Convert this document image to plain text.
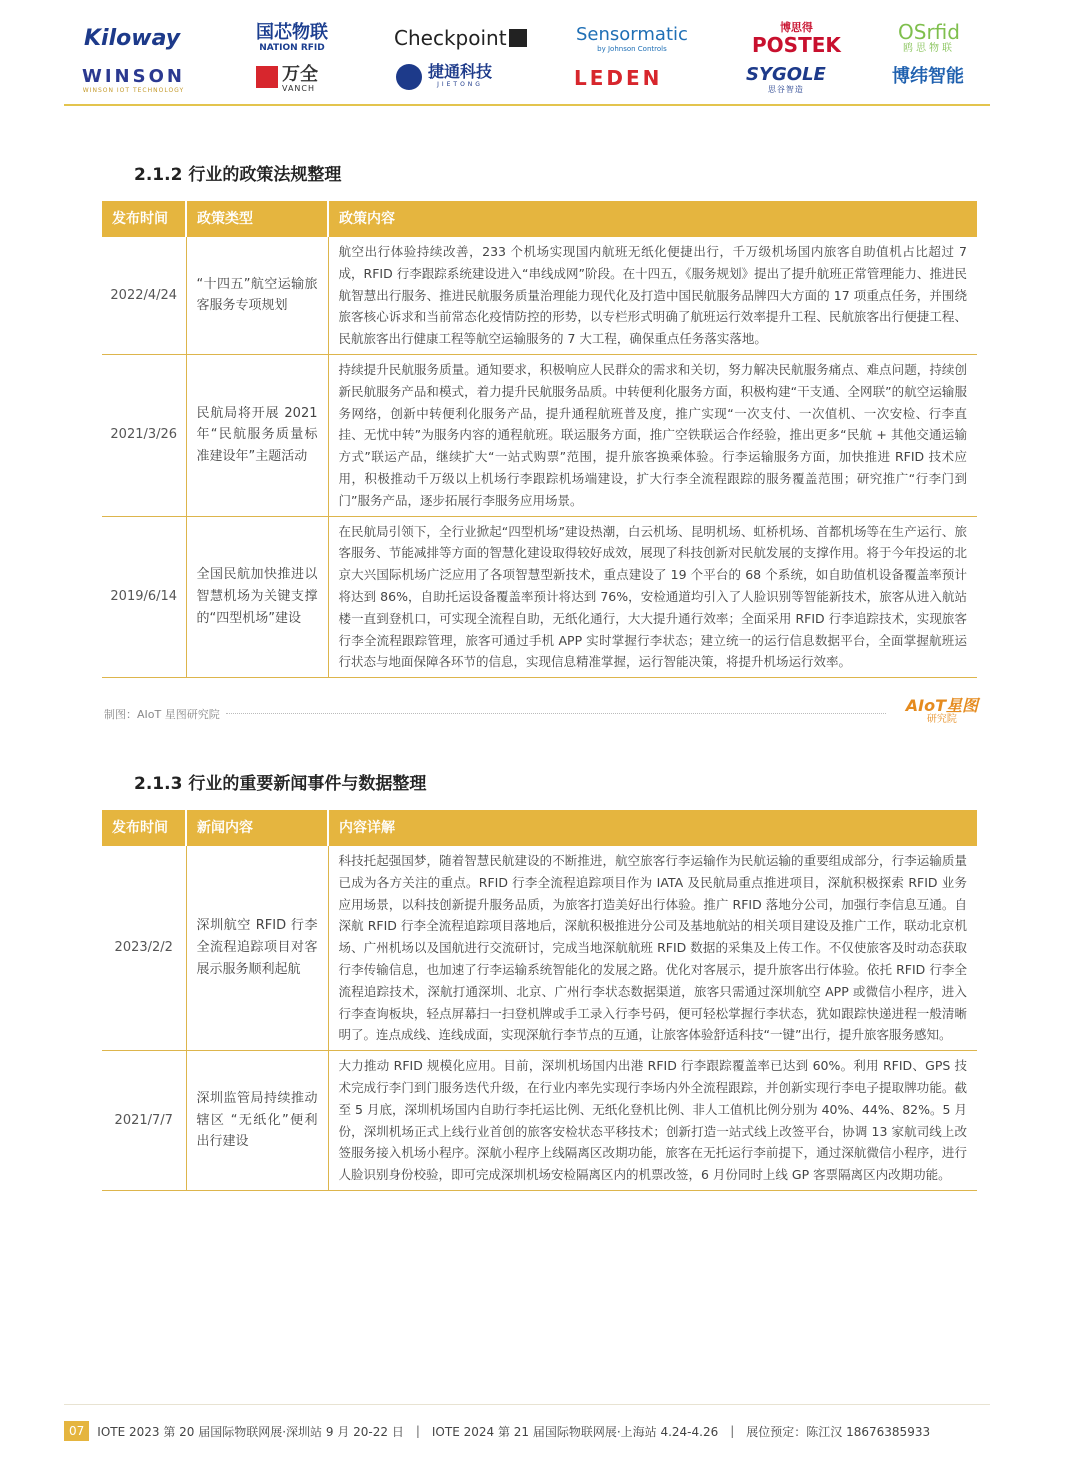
Kiloway	国芯物联
NATION RFID	Checkpoint	Sensormatic
by Johnson Controls
博思得
POSTEK
OSrfid
鸥思物联
WINSON
WINSON IOT TECHNOLOGY
万全
VANCH
捷通科技
JIETONG	LEDEN	SYGOLE
思谷智造
博纬智能
2.1.2 行业的政策法规整理
发布时间	政策类型	政策内容
2022/4/24	“十四五”航空运输旅客服务专项规划	航空出行体验持续改善，233 个机场实现国内航班无纸化便捷出行，千万级机场国内旅客自助值机占比超过 7 成，RFID 行李跟踪系统建设进入“串线成网”阶段。在十四五，《服务规划》提出了提升航班正常管理能力、推进民航智慧出行服务、推进民航服务质量治理能力现代化及打造中国民航服务品牌四大方面的 17 项重点任务，并围绕旅客核心诉求和当前常态化疫情防控的形势，以专栏形式明确了航班运行效率提升工程、民航旅客出行便捷工程、民航旅客出行健康工程等航空运输服务的 7 大工程，确保重点任务落实落地。
2021/3/26	民航局将开展 2021 年“民航服务质量标准建设年”主题活动	持续提升民航服务质量。通知要求，积极响应人民群众的需求和关切，努力解决民航服务痛点、难点问题，持续创新民航服务产品和模式，着力提升民航服务品质。中转便利化服务方面，积极构建“干支通、全网联”的航空运输服务网络，创新中转便利化服务产品，提升通程航班普及度，推广实现“一次支付、一次值机、一次安检、行李直挂、无忧中转”为服务内容的通程航班。联运服务方面，推广空铁联运合作经验，推出更多“民航 + 其他交通运输方式”联运产品，继续扩大“一站式购票”范围，提升旅客换乘体验。行李运输服务方面，加快推进 RFID 技术应用，积极推动千万级以上机场行李跟踪机场端建设，扩大行李全流程跟踪的服务覆盖范围；研究推广“行李门到门”服务产品，逐步拓展行李服务应用场景。
2019/6/14	全国民航加快推进以智慧机场为关键支撑的“四型机场”建设	在民航局引领下，全行业掀起“四型机场”建设热潮，白云机场、昆明机场、虹桥机场、首都机场等在生产运行、旅客服务、节能减排等方面的智慧化建设取得较好成效，展现了科技创新对民航发展的支撑作用。将于今年投运的北京大兴国际机场广泛应用了各项智慧型新技术，重点建设了 19 个平台的 68 个系统，如自助值机设备覆盖率预计将达到 86%，自助托运设备覆盖率预计将达到 76%，安检通道均引入了人脸识别等智能新技术，旅客从进入航站楼一直到登机口，可实现全流程自助，无纸化通行，大大提升通行效率；全面采用 RFID 行李追踪技术，实现旅客行李全流程跟踪管理，旅客可通过手机 APP 实时掌握行李状态；建立统一的运行信息数据平台，全面掌握航班运行状态与地面保障各环节的信息，实现信息精准掌握，运行智能决策，将提升机场运行效率。
制图：AIoT 星图研究院	AIoT星图
研究院
2.1.3 行业的重要新闻事件与数据整理
发布时间	新闻内容	内容详解
2023/2/2	深圳航空 RFID 行李全流程追踪项目对客展示服务顺利起航	科技托起强国梦，随着智慧民航建设的不断推进，航空旅客行李运输作为民航运输的重要组成部分，行李运输质量已成为各方关注的重点。RFID 行李全流程追踪项目作为 IATA 及民航局重点推进项目，深航积极探索 RFID 业务应用场景，以科技创新提升服务品质，为旅客打造美好出行体验。推广 RFID 落地分公司，加强行李信息互通。自深航 RFID 行李全流程追踪项目落地后，深航积极推进分公司及基地航站的相关项目建设及推广工作，联动北京机场、广州机场以及国航进行交流研讨，完成当地深航航班 RFID 数据的采集及上传工作。不仅使旅客及时动态获取行李传输信息，也加速了行李运输系统智能化的发展之路。优化对客展示，提升旅客出行体验。依托 RFID 行李全流程追踪技术，深航打通深圳、北京、广州行李状态数据渠道，旅客只需通过深圳航空 APP 或微信小程序，进入行李查询板块，轻点屏幕扫一扫登机牌或手工录入行李号码，便可轻松掌握行李状态，犹如跟踪快递进程一般清晰明了。连点成线、连线成面，实现深航行李节点的互通，让旅客体验舒适科技“一键”出行，提升旅客服务感知。
2021/7/7	深圳监管局持续推动辖区 “无纸化”便利出行建设	大力推动 RFID 规模化应用。目前，深圳机场国内出港 RFID 行李跟踪覆盖率已达到 60%。利用 RFID、GPS 技术完成行李门到门服务迭代升级，在行业内率先实现行李场内外全流程跟踪，并创新实现行李电子提取牌功能。截至 5 月底，深圳机场国内自助行李托运比例、无纸化登机比例、非人工值机比例分别为 40%、44%、82%。5 月份，深圳机场正式上线行业首创的旅客安检状态平移技术；创新打造一站式线上改签平台，协调 13 家航司线上改签服务接入机场小程序。深航小程序上线隔离区改期功能，旅客在无托运行李前提下，通过深航微信小程序，进行人脸识别身份校验，即可完成深圳机场安检隔离区内的机票改签，6 月份同时上线 GP 客票隔离区内改期功能。
07	IOTE 2023 第 20 届国际物联网展·深圳站 9 月 20-22 日 | IOTE 2024 第 21 届国际物联网展·上海站 4.24-4.26 | 展位预定：陈江汉 18676385933
